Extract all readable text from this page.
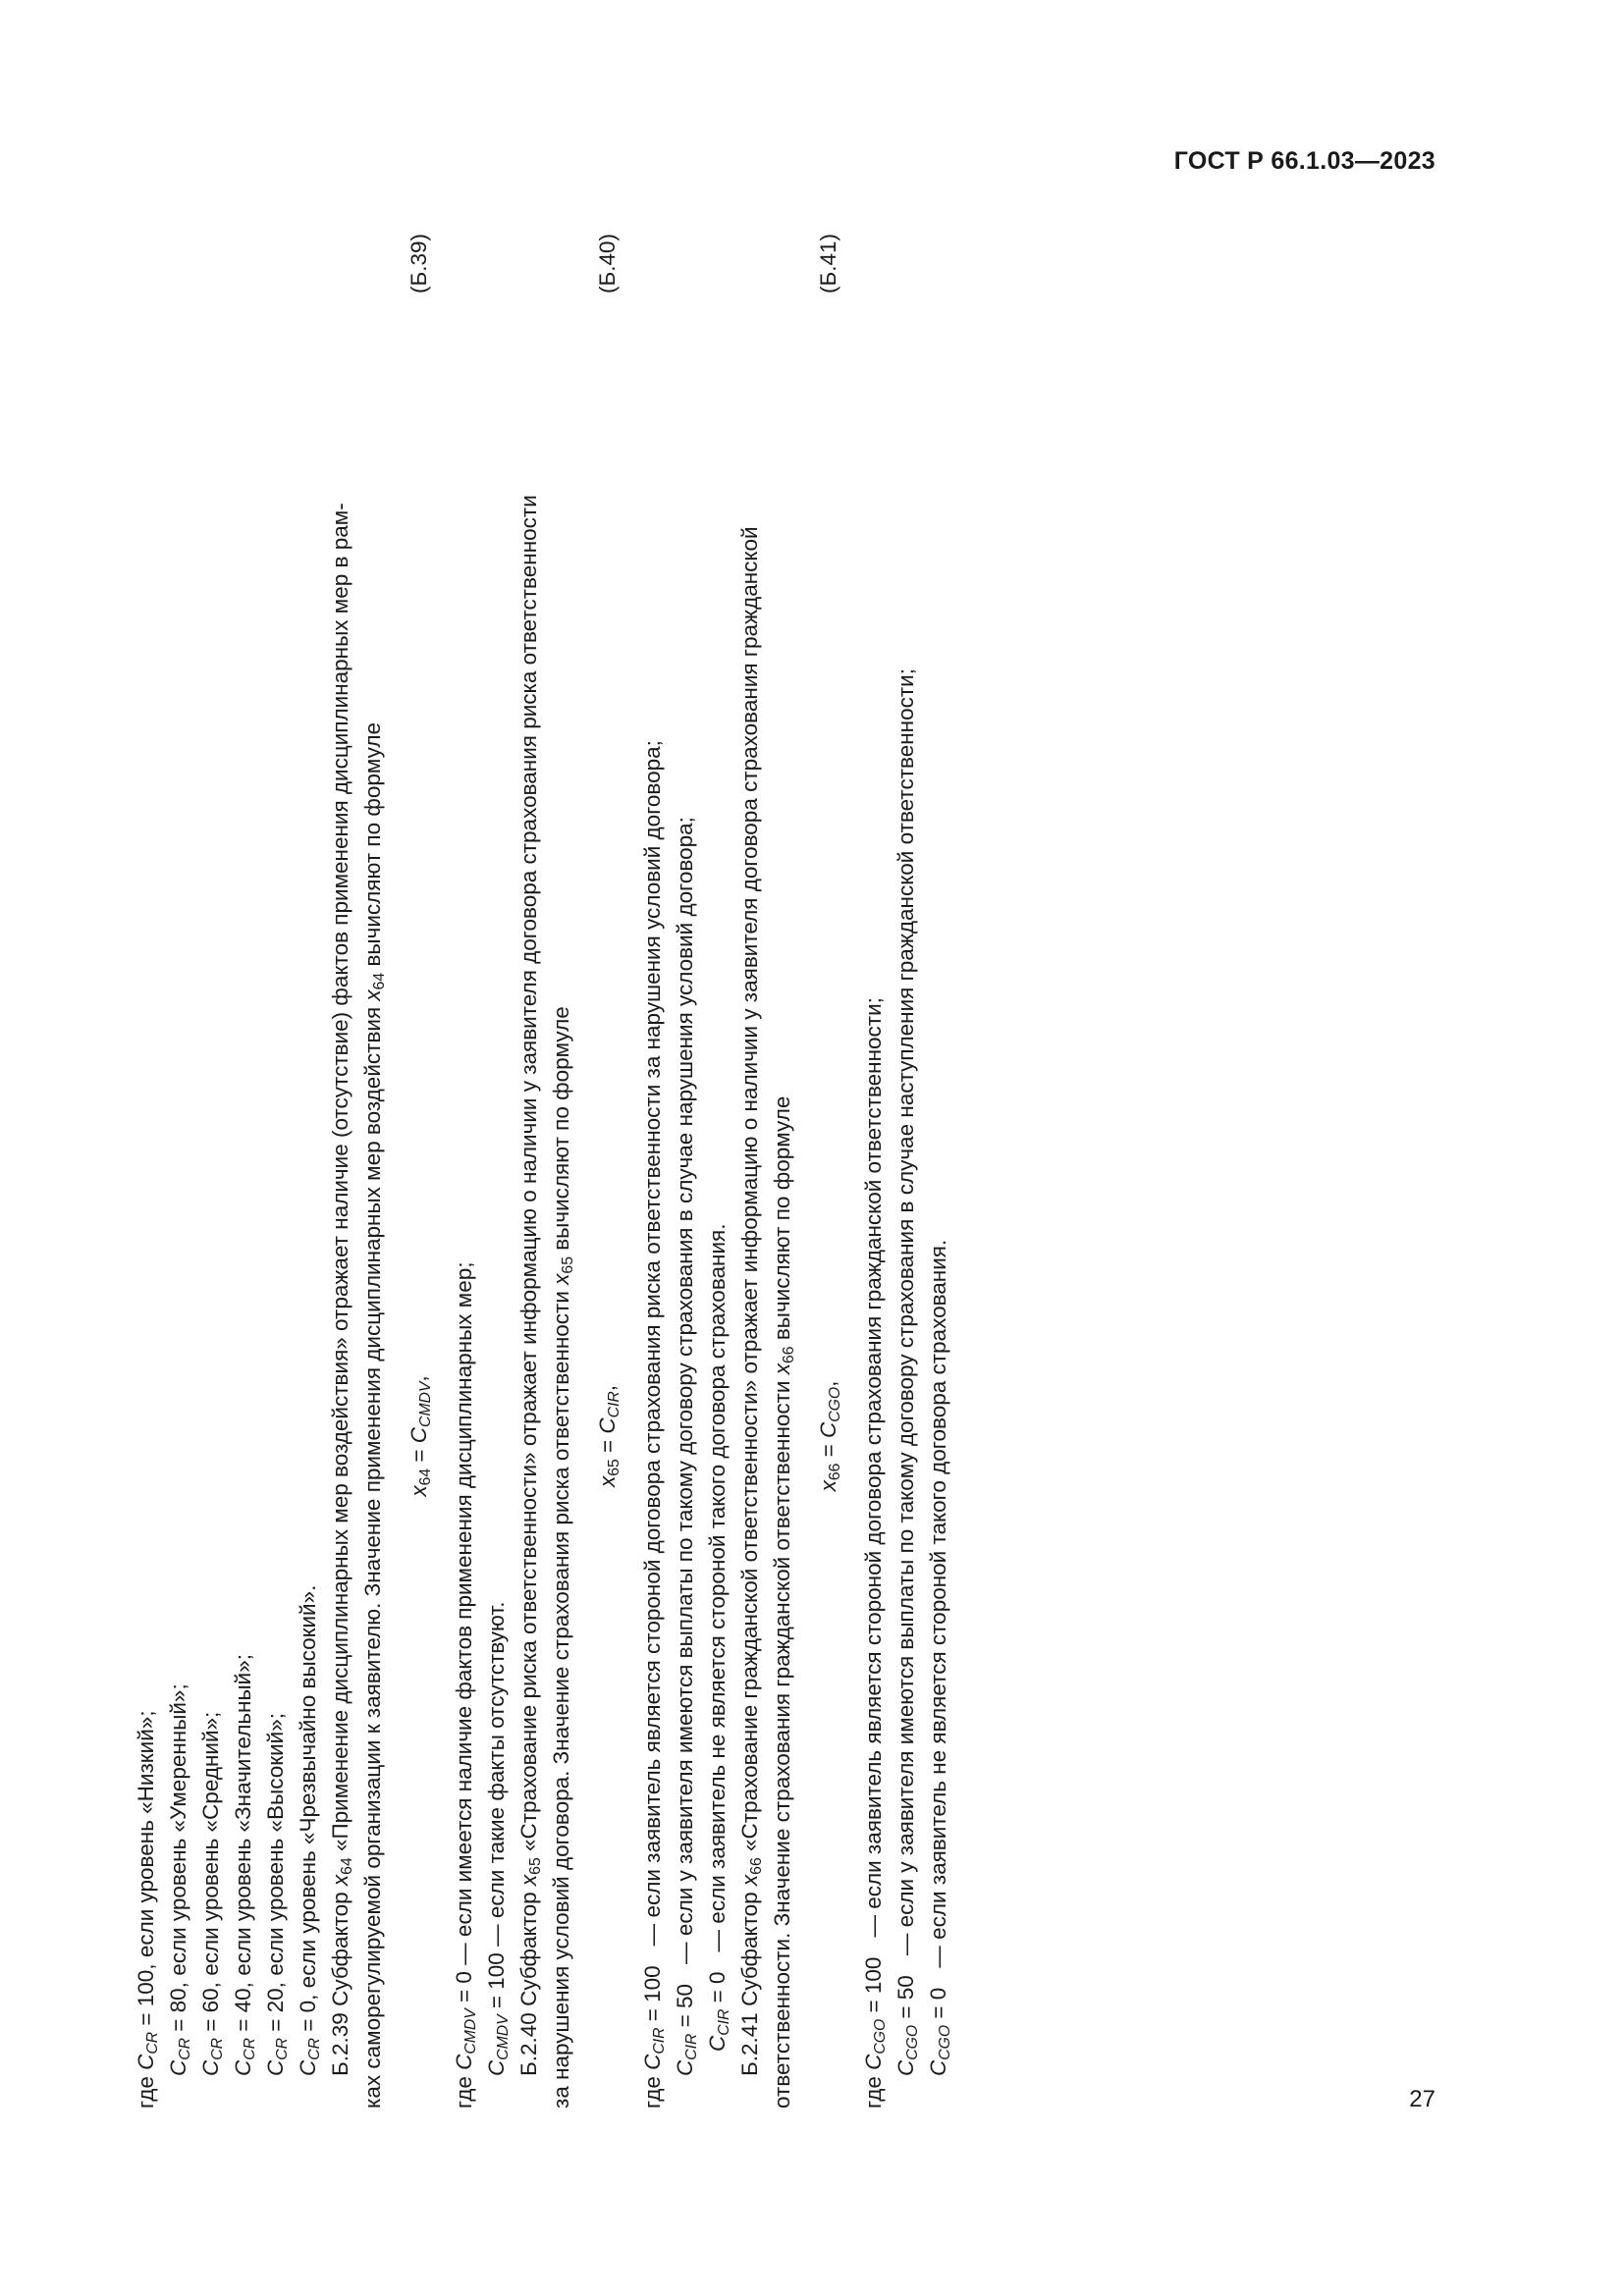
ГОСТ Р 66.1.03—2023
где $C_{CR} = 100$, если уровень «Низкий»;
$C_{CR} = 80$, если уровень «Умеренный»;
$C_{CR} = 60$, если уровень «Средний»;
$C_{CR} = 40$, если уровень «Значительный»;
$C_{CR} = 20$, если уровень «Высокий»;
$C_{CR} = 0$, если уровень «Чрезвычайно высокий».
Б.2.39 Субфактор $x_{64}$ «Применение дисциплинарных мер воздействия» отражает наличие (отсутствие) фактов применения дисциплинарных мер в рам- ках саморегулируемой организации к заявителю. Значение применения дисциплинарных мер воздействия $x_{64}$ вычисляют по формуле
$x_{64} = C_{CMDV}$,
(Б.39)
где $C_{CMDV} = 0$ — если имеется наличие фактов применения дисциплинарных мер;
$C_{CMDV} = 100$ — если такие факты отсутствуют.
Б.2.40 Субфактор $x_{65}$ «Страхование риска ответственности» отражает информацию о наличии у заявителя договора страхования риска ответственности за нарушения условий договора. Значение страхования риска ответственности $x_{65}$ вычисляют по формуле
$x_{65} = C_{CIR}$,
(Б.40)
где $C_{CIR}$ = 100— если заявитель является стороной договора страхования риска ответственности за нарушения условий договора;
$C_{CIR}$ = 50— если у заявителя имеются выплаты по такому договору страхования в случае нарушения условий договора;
$C_{CIR}$ = 0— если заявитель не является стороной такого договора страхования.
Б.2.41 Субфактор $x_{66}$ «Страхование гражданской ответственности» отражает информацию о наличии у заявителя договора страхования гражданской ответственности. Значение страхования гражданской ответственности $x_{66}$ вычисляют по формуле
$x_{66} = C_{CGO}$,
(Б.41)
где $C_{CGO}$ = 100— если заявитель является стороной договора страхования гражданской ответственности;
$C_{CGO}$ = 50— если у заявителя имеются выплаты по такому договору страхования в случае наступления гражданской ответственности;
$C_{CGO}$ = 0— если заявитель не является стороной такого договора страхования.
27
